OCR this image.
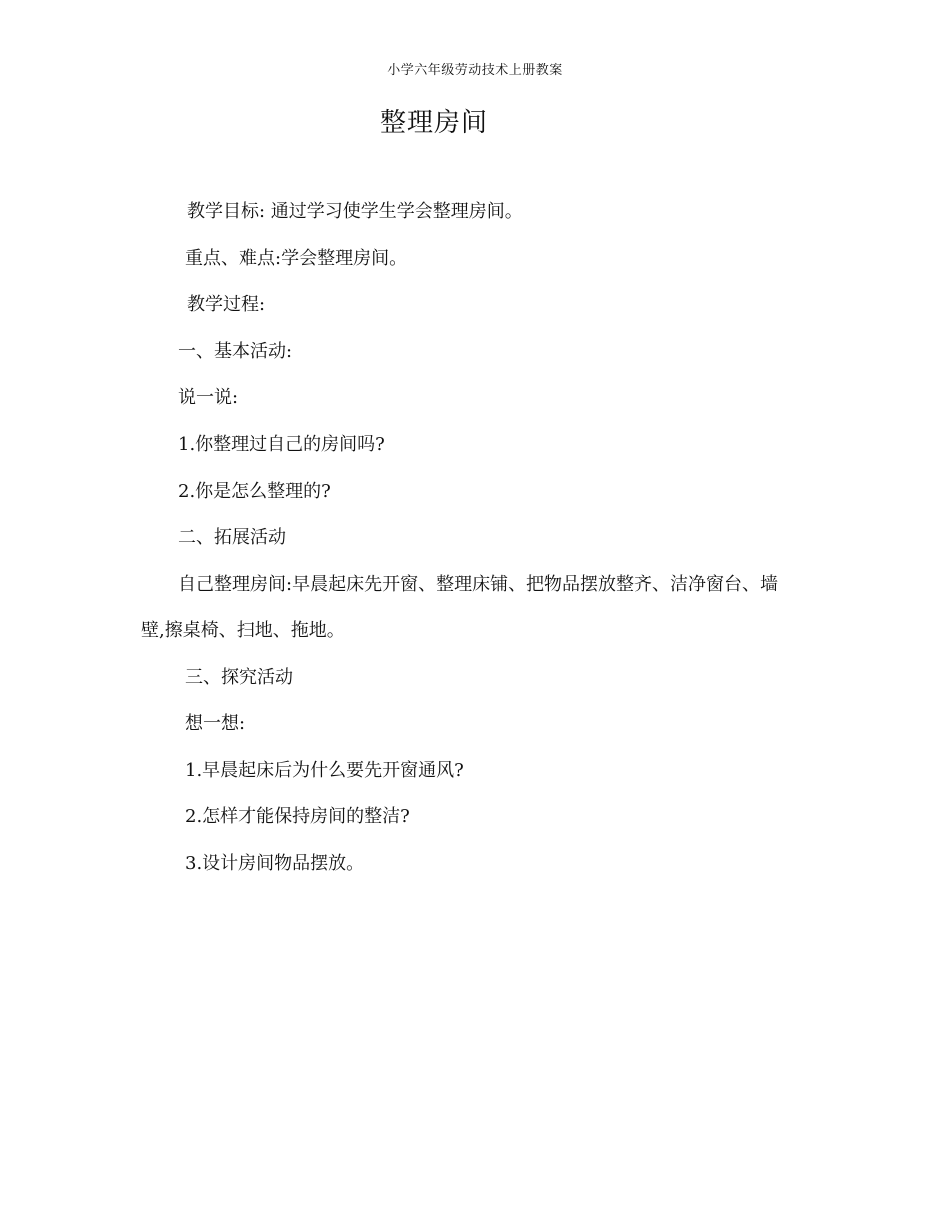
小学六年级劳动技术上册教案
整理房间
教学目标: 通过学习使学生学会整理房间。
重点、难点:学会整理房间。
教学过程:
一、基本活动:
说一说:
1.你整理过自己的房间吗?
2.你是怎么整理的?
二、拓展活动
自己整理房间:早晨起床先开窗、整理床铺、把物品摆放整齐、洁净窗台、墙
壁,擦桌椅、扫地、拖地。
三、探究活动
想一想:
1.早晨起床后为什么要先开窗通风?
2.怎样才能保持房间的整洁?
3.设计房间物品摆放。
